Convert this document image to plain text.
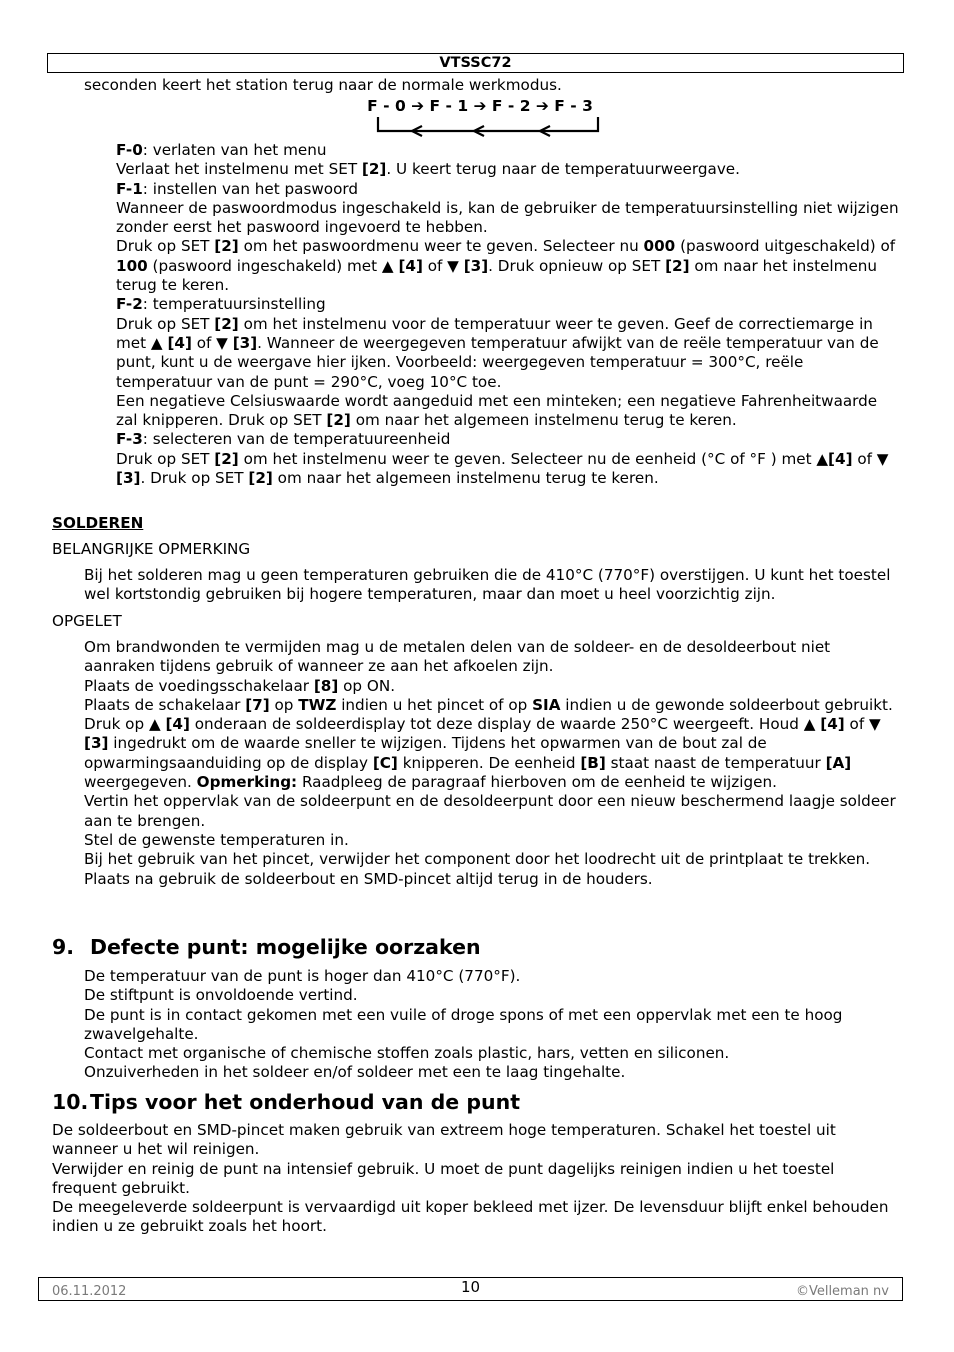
VTSSC72
seconden keert het station terug naar de normale werkmodus.
F - 0 ➔ F - 1 ➔ F - 2 ➔ F - 3

F-0: verlaten van het menu

Verlaat het instelmenu met SET [2]. U keert terug naar de temperatuurweergave.

F-1: instellen van het paswoord

Wanneer de paswoordmodus ingeschakeld is, kan de gebruiker de temperatuursinstelling niet wijzigen zonder eerst het paswoord ingevoerd te hebben.

Druk op SET [2] om het paswoordmenu weer te geven. Selecteer nu 000 (paswoord uitgeschakeld) of 100 (paswoord ingeschakeld) met ▲ [4] of ▼ [3]. Druk opnieuw op SET [2] om naar het instelmenu terug te keren.

F-2: temperatuursinstelling

Druk op SET [2] om het instelmenu voor de temperatuur weer te geven. Geef de correctiemarge in met ▲ [4] of ▼ [3]. Wanneer de weergegeven temperatuur afwijkt van de reële temperatuur van de punt, kunt u de weergave hier ijken. Voorbeeld: weergegeven temperatuur = 300°C, reële temperatuur van de punt = 290°C, voeg 10°C toe.

Een negatieve Celsiuswaarde wordt aangeduid met een minteken; een negatieve Fahrenheitwaarde zal knipperen. Druk op SET [2] om naar het algemeen instelmenu terug te keren.

F-3: selecteren van de temperatuureenheid

Druk op SET [2] om het instelmenu weer te geven. Selecteer nu de eenheid (°C of °F ) met ▲[4] of ▼ [3]. Druk op SET [2] om naar het algemeen instelmenu terug te keren.

SOLDEREN
BELANGRIJKE OPMERKING
Bij het solderen mag u geen temperaturen gebruiken die de 410°C (770°F) overstijgen. U kunt het toestel wel kortstondig gebruiken bij hogere temperaturen, maar dan moet u heel voorzichtig zijn.
OPGELET

Om brandwonden te vermijden mag u de metalen delen van de soldeer- en de desoldeerbout niet aanraken tijdens gebruik of wanneer ze aan het afkoelen zijn.

Plaats de voedingsschakelaar [8] op ON.

Plaats de schakelaar [7] op TWZ indien u het pincet of op SIA indien u de gewonde soldeerbout gebruikt.

Druk op ▲ [4] onderaan de soldeerdisplay tot deze display de waarde 250°C weergeeft. Houd ▲ [4] of ▼ [3] ingedrukt om de waarde sneller te wijzigen. Tijdens het opwarmen van de bout zal de opwarmingsaanduiding op de display [C] knipperen. De eenheid [B] staat naast de temperatuur [A] weergegeven. Opmerking: Raadpleeg de paragraaf hierboven om de eenheid te wijzigen.

Vertin het oppervlak van de soldeerpunt en de desoldeerpunt door een nieuw beschermend laagje soldeer aan te brengen.

Stel de gewenste temperaturen in.

Bij het gebruik van het pincet, verwijder het component door het loodrecht uit de printplaat te trekken.

Plaats na gebruik de soldeerbout en SMD-pincet altijd terug in de houders.

9. Defecte punt: mogelijke oorzaken

De temperatuur van de punt is hoger dan 410°C (770°F).

De stiftpunt is onvoldoende vertind.

De punt is in contact gekomen met een vuile of droge spons of met een oppervlak met een te hoog zwavelgehalte.

Contact met organische of chemische stoffen zoals plastic, hars, vetten en siliconen.

Onzuiverheden in het soldeer en/of soldeer met een te laag tingehalte.

10.Tips voor het onderhoud van de punt

De soldeerbout en SMD-pincet maken gebruik van extreem hoge temperaturen. Schakel het toestel uit wanneer u het wil reinigen.

Verwijder en reinig de punt na intensief gebruik. U moet de punt dagelijks reinigen indien u het toestel frequent gebruikt.

De meegeleverde soldeerpunt is vervaardigd uit koper bekleed met ijzer. De levensduur blijft enkel behouden indien u ze gebruikt zoals het hoort.

06.11.2012	10	©Velleman nv
